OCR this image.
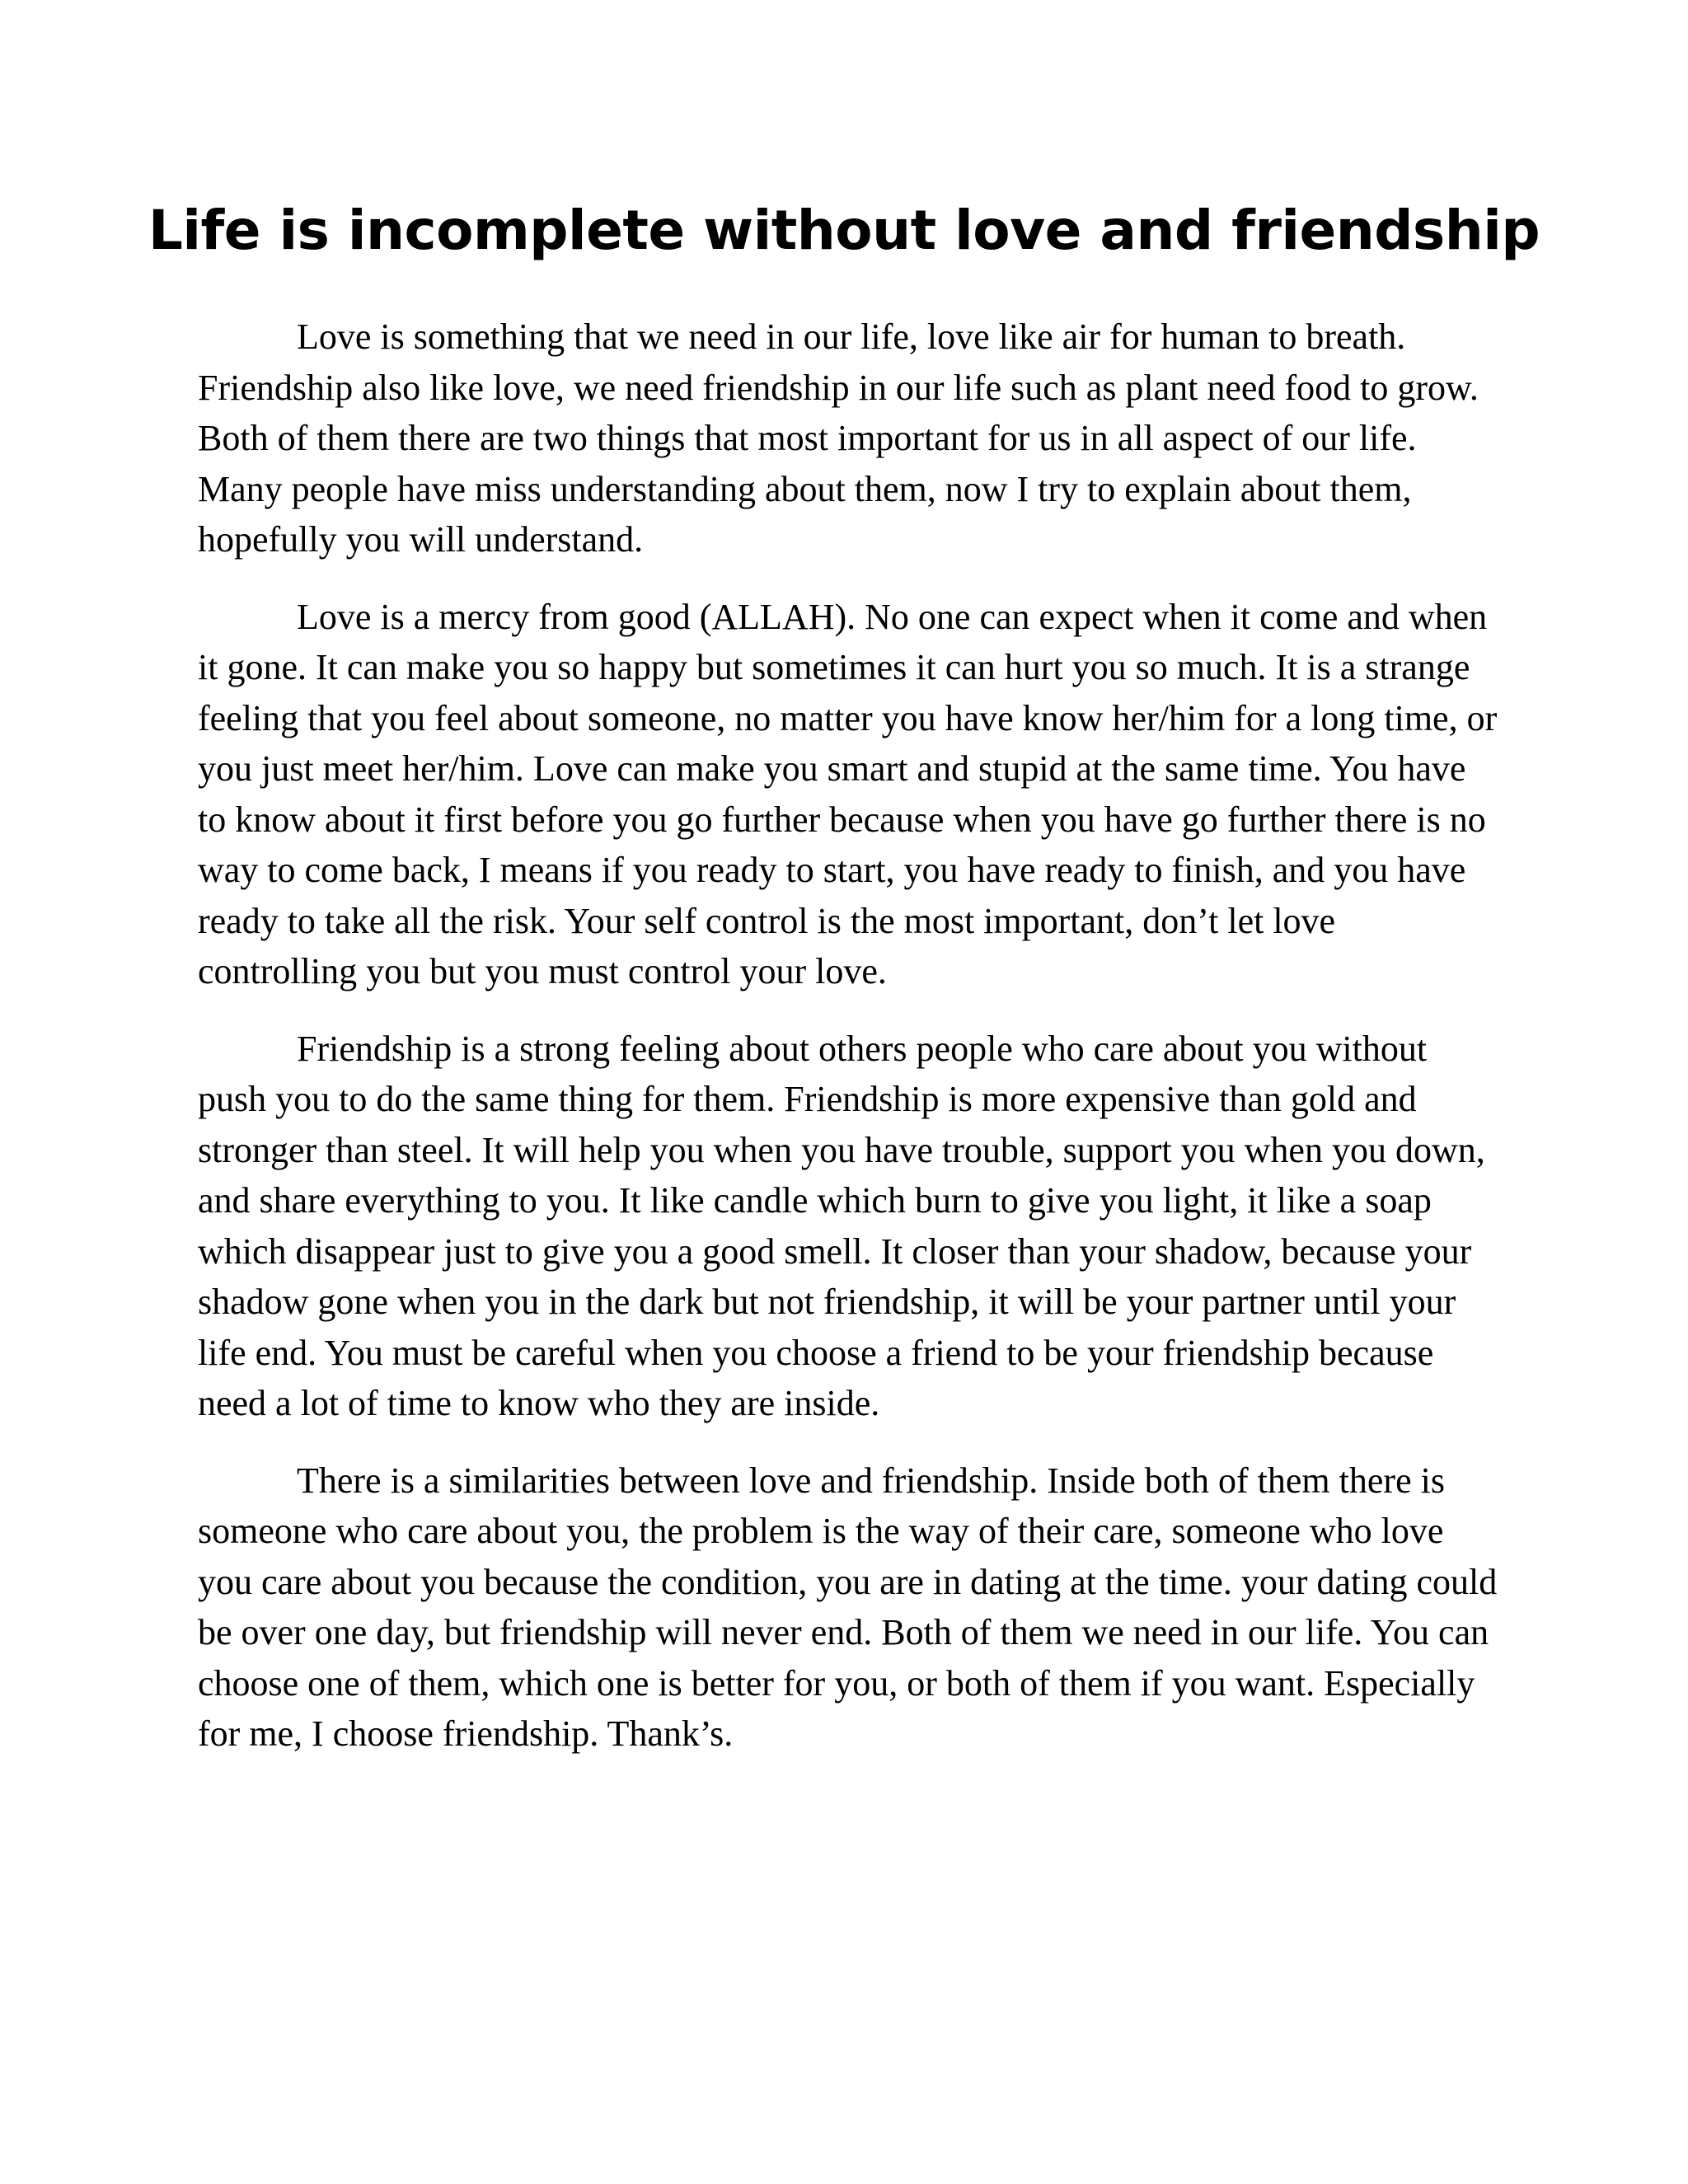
Life is incomplete without love and friendship

Love is something that we need in our life, love like air for human to breath. Friendship also like love, we need friendship in our life such as plant need food to grow. Both of them there are two things that most important for us in all aspect of our life. Many people have miss understanding about them, now I try to explain about them, hopefully you will understand.

Love is a mercy from good (ALLAH). No one can expect when it come and when it gone. It can make you so happy but sometimes it can hurt you so much. It is a strange feeling that you feel about someone, no matter you have know her/him for a long time, or you just meet her/him. Love can make you smart and stupid at the same time. You have to know about it first before you go further because when you have go further there is no way to come back, I means if you ready to start, you have ready to finish, and you have ready to take all the risk. Your self control is the most important, don’t let love controlling you but you must control your love.

Friendship is a strong feeling about others people who care about you without push you to do the same thing for them. Friendship is more expensive than gold and stronger than steel. It will help you when you have trouble, support you when you down, and share everything to you. It like candle which burn to give you light, it like a soap which disappear just to give you a good smell. It closer than your shadow, because your shadow gone when you in the dark but not friendship, it will be your partner until your life end. You must be careful when you choose a friend to be your friendship because need a lot of time to know who they are inside.

There is a similarities between love and friendship. Inside both of them there is someone who care about you, the problem is the way of their care, someone who love you care about you because the condition, you are in dating at the time. your dating could be over one day, but friendship will never end. Both of them we need in our life. You can choose one of them, which one is better for you, or both of them if you want. Especially for me, I choose friendship. Thank’s.
